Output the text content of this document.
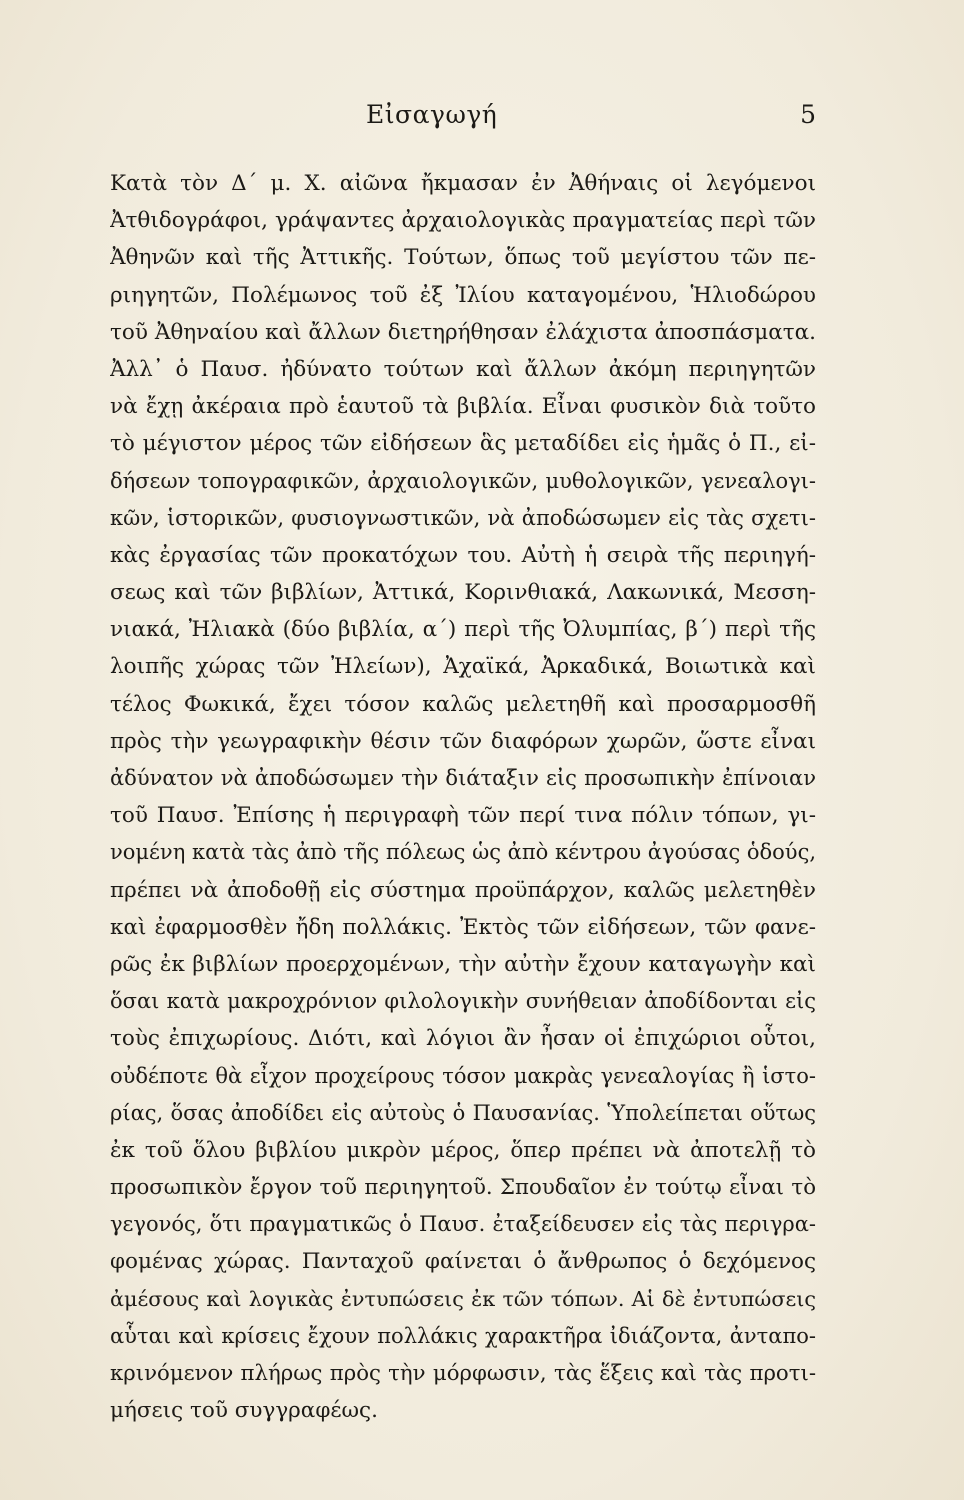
Εἰσαγωγή	5
Κατὰ τὸν Δ΄ μ. Χ. αἰῶνα ἤκμασαν ἐν Ἀθήναις οἱ λεγόμενοι
Ἀτθιδογράφοι, γράψαντες ἀρχαιολογικὰς πραγματείας περὶ τῶν
Ἀθηνῶν καὶ τῆς Ἀττικῆς. Τούτων, ὅπως τοῦ μεγίστου τῶν πε-
ριηγητῶν, Πολέμωνος τοῦ ἐξ Ἰλίου καταγομένου, Ἡλιοδώρου
τοῦ Ἀθηναίου καὶ ἄλλων διετηρήθησαν ἐλάχιστα ἀποσπάσματα.
Ἀλλ᾽ ὁ Παυσ. ἠδύνατο τούτων καὶ ἄλλων ἀκόμη περιηγητῶν
νὰ ἔχῃ ἀκέραια πρὸ ἑαυτοῦ τὰ βιβλία. Εἶναι φυσικὸν διὰ τοῦτο
τὸ μέγιστον μέρος τῶν εἰδήσεων ἃς μεταδίδει εἰς ἡμᾶς ὁ Π., εἰ-
δήσεων τοπογραφικῶν, ἀρχαιολογικῶν, μυθολογικῶν, γενεαλογι-
κῶν, ἱστορικῶν, φυσιογνωστικῶν, νὰ ἀποδώσωμεν εἰς τὰς σχετι-
κὰς ἐργασίας τῶν προκατόχων του. Αὐτὴ ἡ σειρὰ τῆς περιηγή-
σεως καὶ τῶν βιβλίων, Ἀττικά, Κορινθιακά, Λακωνικά, Μεσση-
νιακά, Ἠλιακὰ (δύο βιβλία, α΄) περὶ τῆς Ὀλυμπίας, β΄) περὶ τῆς
λοιπῆς χώρας τῶν Ἠλείων), Ἀχαϊκά, Ἀρκαδικά, Βοιωτικὰ καὶ
τέλος Φωκικά, ἔχει τόσον καλῶς μελετηθῆ καὶ προσαρμοσθῆ
πρὸς τὴν γεωγραφικὴν θέσιν τῶν διαφόρων χωρῶν, ὥστε εἶναι
ἀδύνατον νὰ ἀποδώσωμεν τὴν διάταξιν εἰς προσωπικὴν ἐπίνοιαν
τοῦ Παυσ. Ἐπίσης ἡ περιγραφὴ τῶν περί τινα πόλιν τόπων, γι-
νομένη κατὰ τὰς ἀπὸ τῆς πόλεως ὡς ἀπὸ κέντρου ἀγούσας ὁδούς,
πρέπει νὰ ἀποδοθῇ εἰς σύστημα προϋπάρχον, καλῶς μελετηθὲν
καὶ ἐφαρμοσθὲν ἤδη πολλάκις. Ἐκτὸς τῶν εἰδήσεων, τῶν φανε-
ρῶς ἐκ βιβλίων προερχομένων, τὴν αὐτὴν ἔχουν καταγωγὴν καὶ
ὅσαι κατὰ μακροχρόνιον φιλολογικὴν συνήθειαν ἀποδίδονται εἰς
τοὺς ἐπιχωρίους. Διότι, καὶ λόγιοι ἂν ἦσαν οἱ ἐπιχώριοι οὗτοι,
οὐδέποτε θὰ εἶχον προχείρους τόσον μακρὰς γενεαλογίας ἢ ἱστο-
ρίας, ὅσας ἀποδίδει εἰς αὐτοὺς ὁ Παυσανίας. Ὑπολείπεται οὕτως
ἐκ τοῦ ὅλου βιβλίου μικρὸν μέρος, ὅπερ πρέπει νὰ ἀποτελῇ τὸ
προσωπικὸν ἔργον τοῦ περιηγητοῦ. Σπουδαῖον ἐν τούτῳ εἶναι τὸ
γεγονός, ὅτι πραγματικῶς ὁ Παυσ. ἐταξείδευσεν εἰς τὰς περιγρα-
φομένας χώρας. Πανταχοῦ φαίνεται ὁ ἄνθρωπος ὁ δεχόμενος
ἀμέσους καὶ λογικὰς ἐντυπώσεις ἐκ τῶν τόπων. Αἱ δὲ ἐντυπώσεις
αὗται καὶ κρίσεις ἔχουν πολλάκις χαρακτῆρα ἰδιάζοντα, ἀνταπο-
κρινόμενον πλήρως πρὸς τὴν μόρφωσιν, τὰς ἕξεις καὶ τὰς προτι-
μήσεις τοῦ συγγραφέως.
